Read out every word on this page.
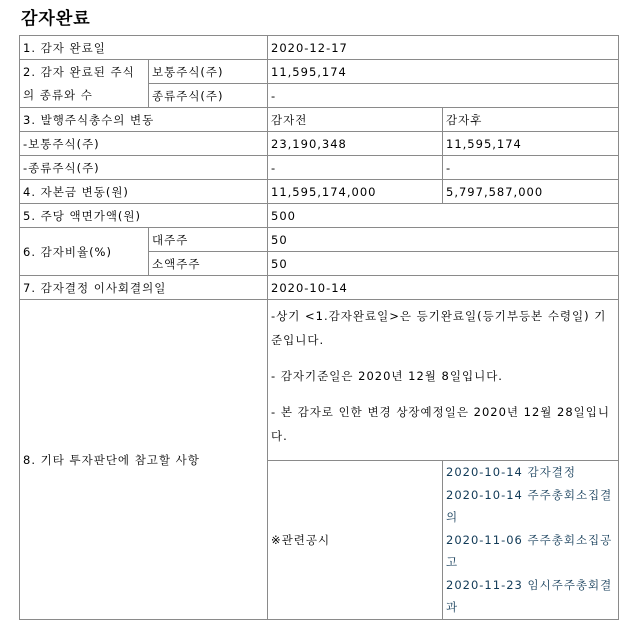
감자완료
1. 감자 완료일		2020-12-17	
2. 감자 완료된 주식의 종류와 수	보통주식(주)	11,595,174	
	종류주식(주)	-	
3. 발행주식총수의 변동		감자전	감자후
-보통주식(주)		23,190,348	11,595,174
-종류주식(주)		-	-
4. 자본금 변동(원)		11,595,174,000	5,797,587,000
5. 주당 액면가액(원)		500	
6. 감자비율(%)	대주주	50	
	소액주주	50	
7. 감자결정 이사회결의일		2020-10-14	
8. 기타 투자판단에 참고할 사항		-상기 <1.감자완료일>은 등기완료일(등기부등본 수령일) 기준입니다.

- 감자기준일은 2020년 12월 8일입니다.

- 본 감자로 인한 변경 상장예정일은 2020년 12월 28일입니다.	

		※관련공시	2020-10-14 감자결정
2020-10-14 주주총회소집결의
2020-11-06 주주총회소집공고
2020-11-23 임시주주총회결과
